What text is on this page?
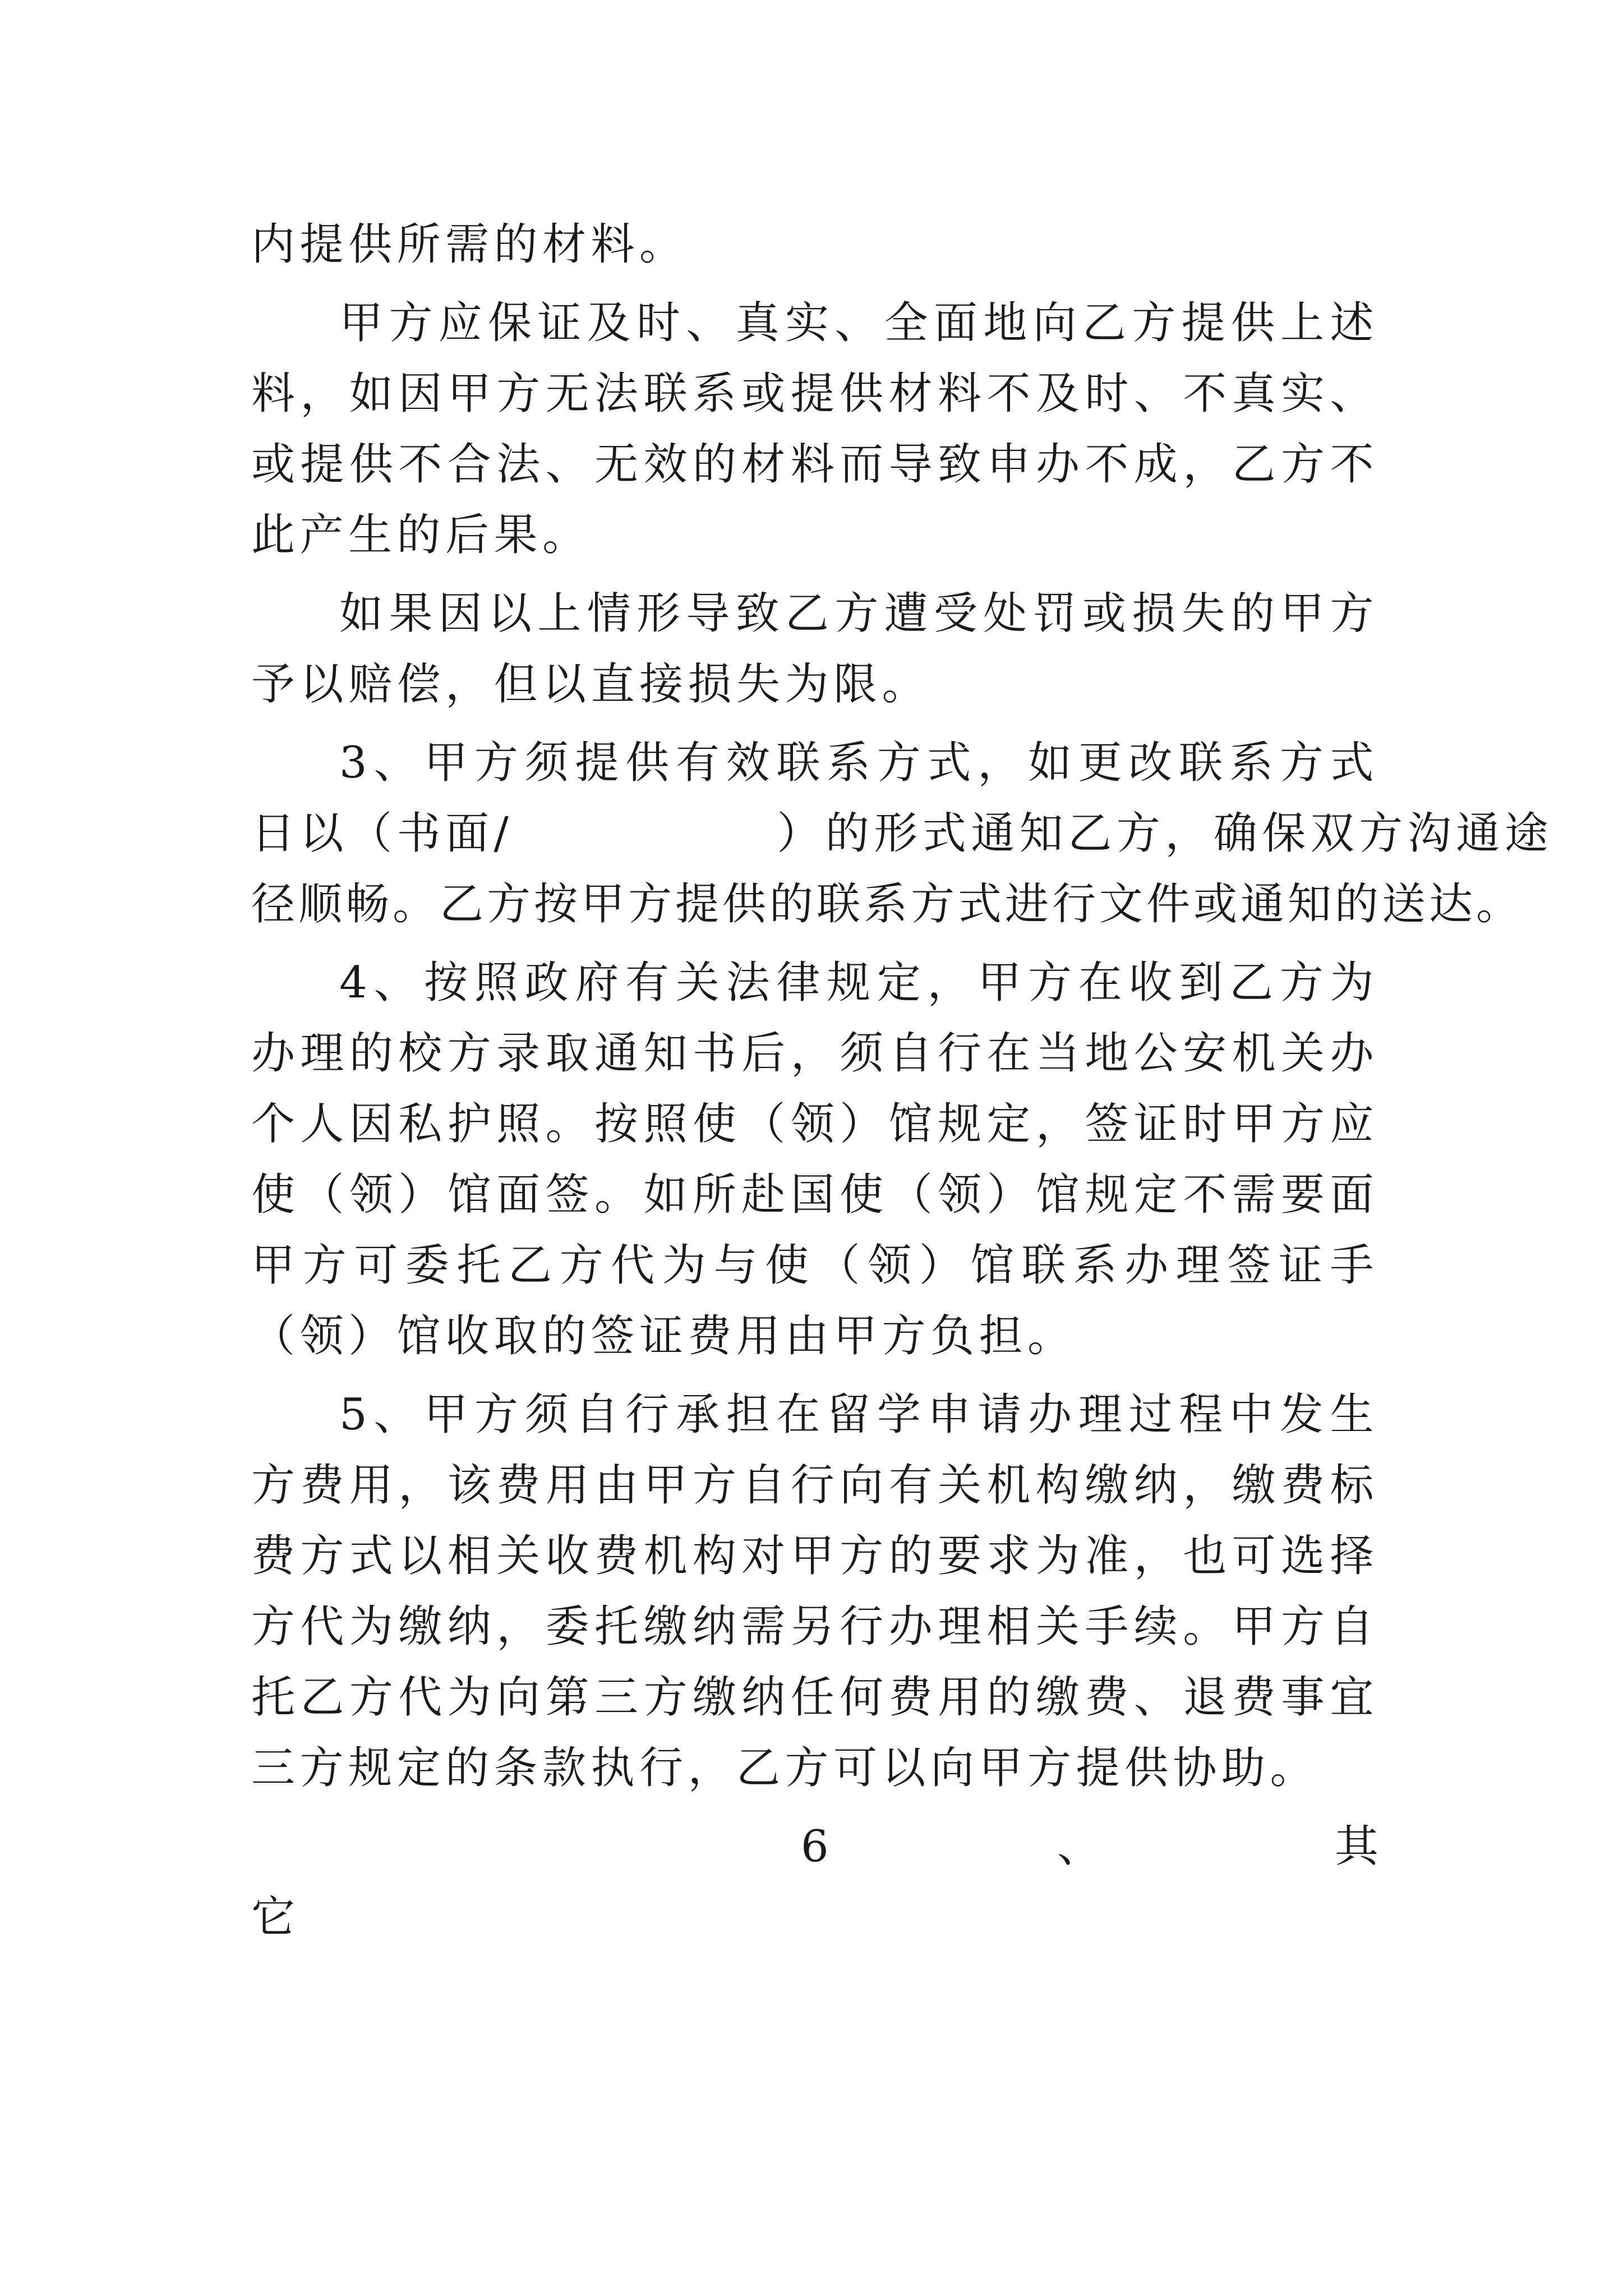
内提供所需的材料。
甲方应保证及时、真实、全面地向乙方提供上述
料，如因甲方无法联系或提供材料不及时、不真实、
或提供不合法、无效的材料而导致申办不成，乙方不
此产生的后果。
如果因以上情形导致乙方遭受处罚或损失的甲方
予以赔偿，但以直接损失为限。
3、甲方须提供有效联系方式，如更改联系方式
日以（书面/	）的形式通知乙方，确保双方沟通途
径顺畅。乙方按甲方提供的联系方式进行文件或通知的送达。
4、按照政府有关法律规定，甲方在收到乙方为
办理的校方录取通知书后，须自行在当地公安机关办
个人因私护照。按照使（领）馆规定，签证时甲方应
使（领）馆面签。如所赴国使（领）馆规定不需要面
甲方可委托乙方代为与使（领）馆联系办理签证手
（领）馆收取的签证费用由甲方负担。
5、甲方须自行承担在留学申请办理过程中发生
方费用，该费用由甲方自行向有关机构缴纳，缴费标
费方式以相关收费机构对甲方的要求为准，也可选择
方代为缴纳，委托缴纳需另行办理相关手续。甲方自
托乙方代为向第三方缴纳任何费用的缴费、退费事宜
三方规定的条款执行，乙方可以向甲方提供协助。
6	、	其
它
